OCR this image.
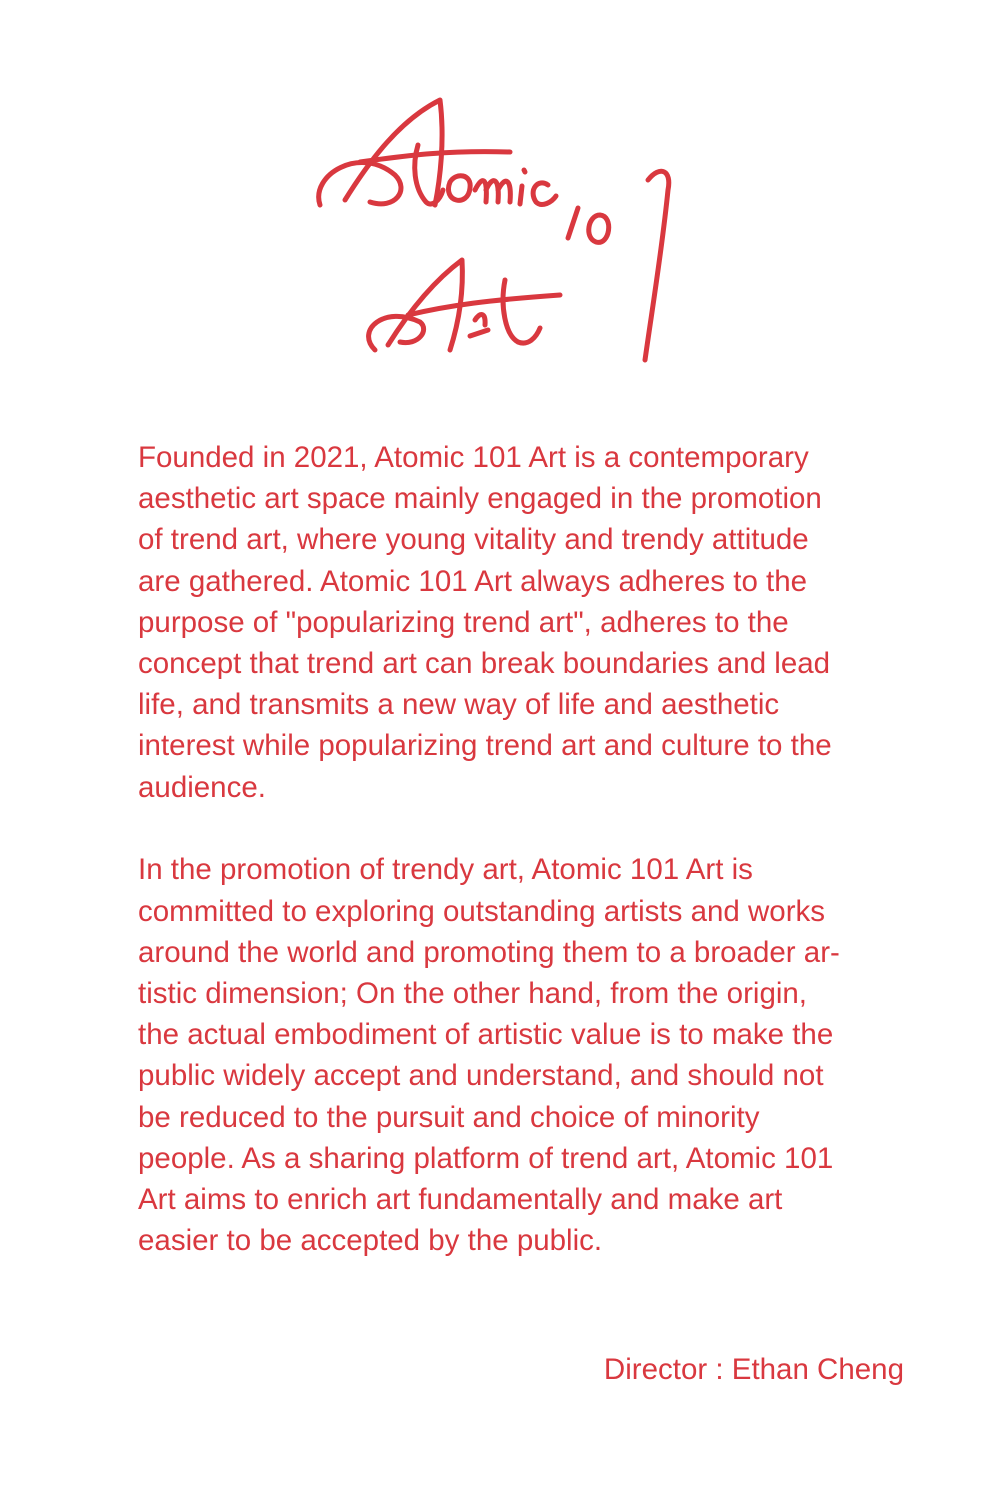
Founded in 2021, Atomic 101 Art is a contemporary
aesthetic art space mainly engaged in the promotion
of trend art, where young vitality and trendy attitude
are gathered. Atomic 101 Art always adheres to the
purpose of "popularizing trend art", adheres to the
concept that trend art can break boundaries and lead
life, and transmits a new way of life and aesthetic
interest while popularizing trend art and culture to the
audience.

In the promotion of trendy art, Atomic 101 Art is
committed to exploring outstanding artists and works
around the world and promoting them to a broader ar-
tistic dimension; On the other hand, from the origin,
the actual embodiment of artistic value is to make the
public widely accept and understand, and should not
be reduced to the pursuit and choice of minority
people. As a sharing platform of trend art, Atomic 101
Art aims to enrich art fundamentally and make art
easier to be accepted by the public.

Director : Ethan Cheng
